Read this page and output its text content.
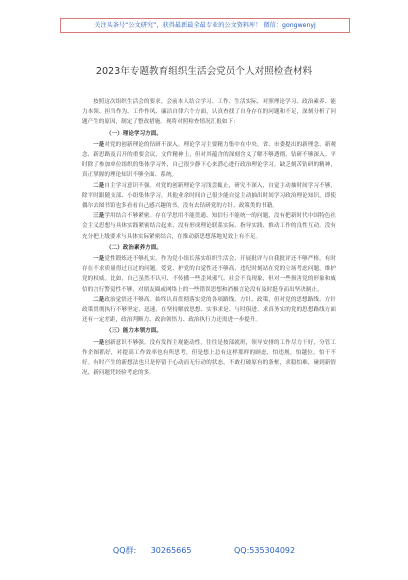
关注头条号“公文研究”，获得最新最全最专业的公文资料库！ 微信：gongwenyj
2023年专题教育组织生活会党员个人对照检查材料

按照这次组织生活会的要求，会前本人结合学习、工作、生活实际，对照理论学习、政治素养、能力本领、担当作为、工作作风、廉洁自律六个方面，认真查找了自身存在的问题和不足，深刻分析了问题产生的原因，制定了整改措施。现将对照检查情况汇报如下：

（一）理论学习方面。

一是对党的创新理论的钻研不深入。理论学习主要精力集中在中央、省、市委提出的新理念、新观念、新思路及召开的重要会议、文件精神上，但对其蕴含的深刻含义了解不够透彻，钻研不够深入。平时除了参加单位组织的集体学习外，自己很少静下心来潜心进行政治理论学习，缺乏刻苦钻研的精神，真正掌握的理论知识不够全面、系统。

二是自主学习意识不强。对党的创新理论学习浅尝辄止，研究不深入，自觉主动抽时间学习不够，除平时跟随支部、小组集体学习，其他业余时间自己很少能自觉主动抽出时间学习政治理论知识，即使偶尔去图书馆也多看看自己感兴趣的书，没有去钻研党的方针、政策类的书籍。

三是学用结合不够紧密。存在学思用不能贯通、知信行不能统一的问题，没有把新时代中国特色社会主义思想与具体实践紧密结合起来，没有形成理论联系实际、指导实践、推动工作的良性互动。没有充分把上级要求与具体实际紧密结合，在推动新思想落地见效上有不足。

（二）政治素养方面。

一是党性锻炼还不够扎实。作为党小组长落实组织生活会、开展批评与自我批评还不够严格，有时存在不求质量得过且过的问题。爱党、护党的自觉性还不够高，违纪时刻站在党的立场考虑问题，维护党的权威。比如，自己虽然不认可、不传播一些歪风邪气、社会不良现象，但对一些损害党的形象和威信的言行警觉性不够，对朋友圈或网络上的一些错误思想和消极言论没有及时挺身而出坚决制止。

二是政治觉悟还不够高。始终认真贯彻落实党的各项路线、方针、政策，但对党的思想路线、方针政策贯彻执行不够坚定、迅速，在坚持解放思想、实事求是、与时俱进、求真务实的党的思想路线方面还有一定差距，政治判断力、政治领悟力、政治执行力还需进一步提升。

（三）能力本领方面。

一是创新意识不够强。没有发挥主观能动性，往往是按部就班，领导安排的工作尽力干好，分管工作企图抓好，对提高工作效率也有所思考，但是想上总有这样那样的顾虑，怕违规，怕越位，怕干不好。有时产生的新想法也只是停留于心动而无行动的状态，不敢打破原有的条框，求稳怕难，碰到新情况、新问题凭经验考虑的多。

QQ群: 30265665	QQ:535304092
